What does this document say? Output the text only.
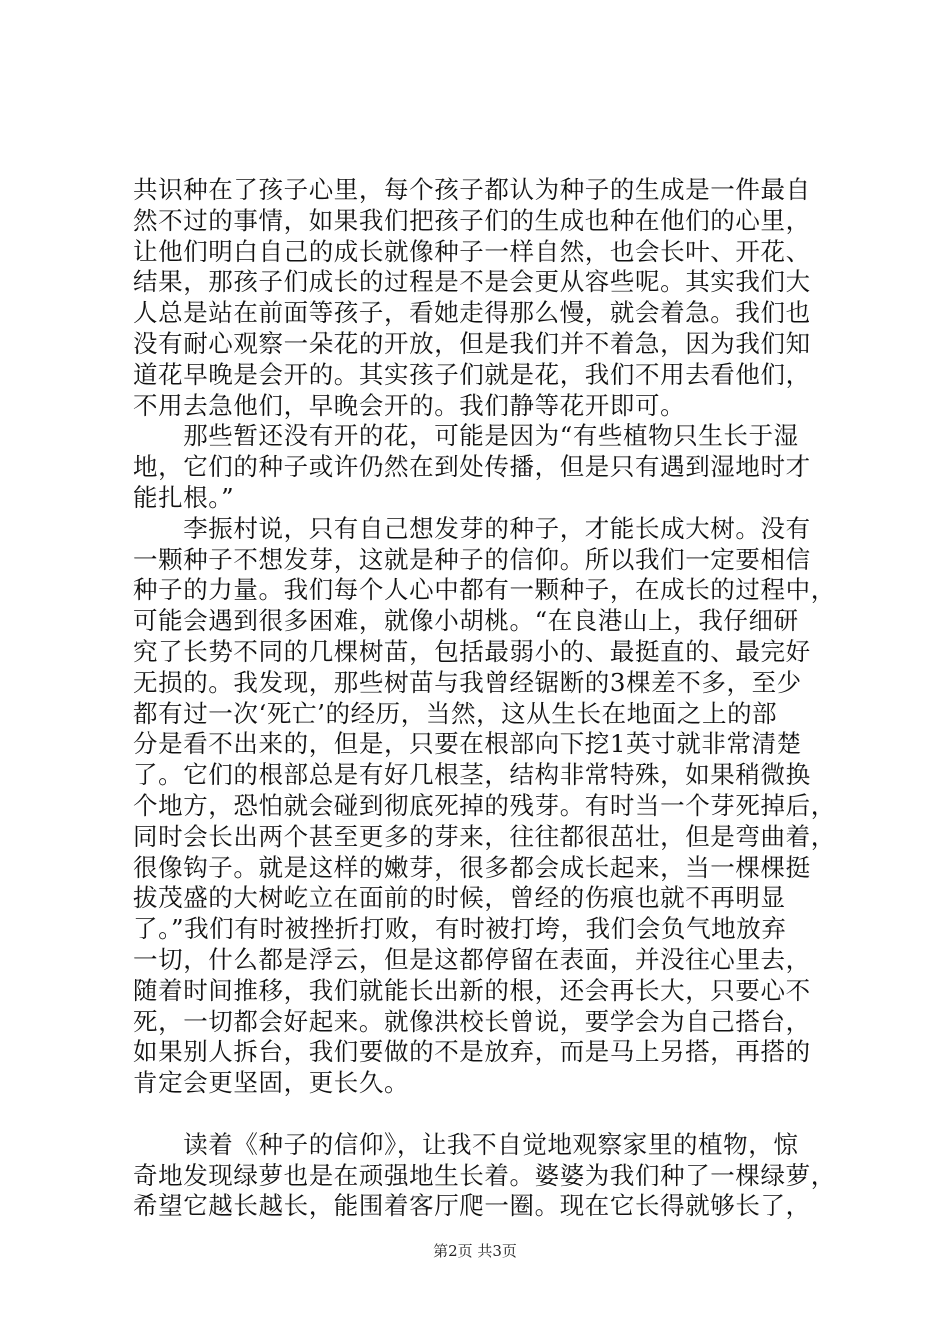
共识种在了孩子心里，每个孩子都认为种子的生成是一件最自
然不过的事情，如果我们把孩子们的生成也种在他们的心里，
让他们明白自己的成长就像种子一样自然，也会长叶、开花、
结果，那孩子们成长的过程是不是会更从容些呢。其实我们大
人总是站在前面等孩子，看她走得那么慢，就会着急。我们也
没有耐心观察一朵花的开放，但是我们并不着急，因为我们知
道花早晚是会开的。其实孩子们就是花，我们不用去看他们，
不用去急他们，早晚会开的。我们静等花开即可。

　　那些暂还没有开的花，可能是因为“有些植物只生长于湿
地，它们的种子或许仍然在到处传播，但是只有遇到湿地时才
能扎根。”

　　李振村说，只有自己想发芽的种子，才能长成大树。没有
一颗种子不想发芽，这就是种子的信仰。所以我们一定要相信
种子的力量。我们每个人心中都有一颗种子，在成长的过程中，
可能会遇到很多困难，就像小胡桃。“在良港山上，我仔细研
究了长势不同的几棵树苗，包括最弱小的、最挺直的、最完好
无损的。我发现，那些树苗与我曾经锯断的3棵差不多，至少
都有过一次‘死亡’的经历，当然，这从生长在地面之上的部
分是看不出来的，但是，只要在根部向下挖1英寸就非常清楚
了。它们的根部总是有好几根茎，结构非常特殊，如果稍微换
个地方，恐怕就会碰到彻底死掉的残芽。有时当一个芽死掉后，
同时会长出两个甚至更多的芽来，往往都很茁壮，但是弯曲着，
很像钩子。就是这样的嫩芽，很多都会成长起来，当一棵棵挺
拔茂盛的大树屹立在面前的时候，曾经的伤痕也就不再明显
了。”我们有时被挫折打败，有时被打垮，我们会负气地放弃
一切，什么都是浮云，但是这都停留在表面，并没往心里去，
随着时间推移，我们就能长出新的根，还会再长大，只要心不
死，一切都会好起来。就像洪校长曾说，要学会为自己搭台，
如果别人拆台，我们要做的不是放弃，而是马上另搭，再搭的
肯定会更坚固，更长久。

　　读着《种子的信仰》，让我不自觉地观察家里的植物，惊
奇地发现绿萝也是在顽强地生长着。婆婆为我们种了一棵绿萝，
希望它越长越长，能围着客厅爬一圈。现在它长得就够长了，

第2页 共3页
